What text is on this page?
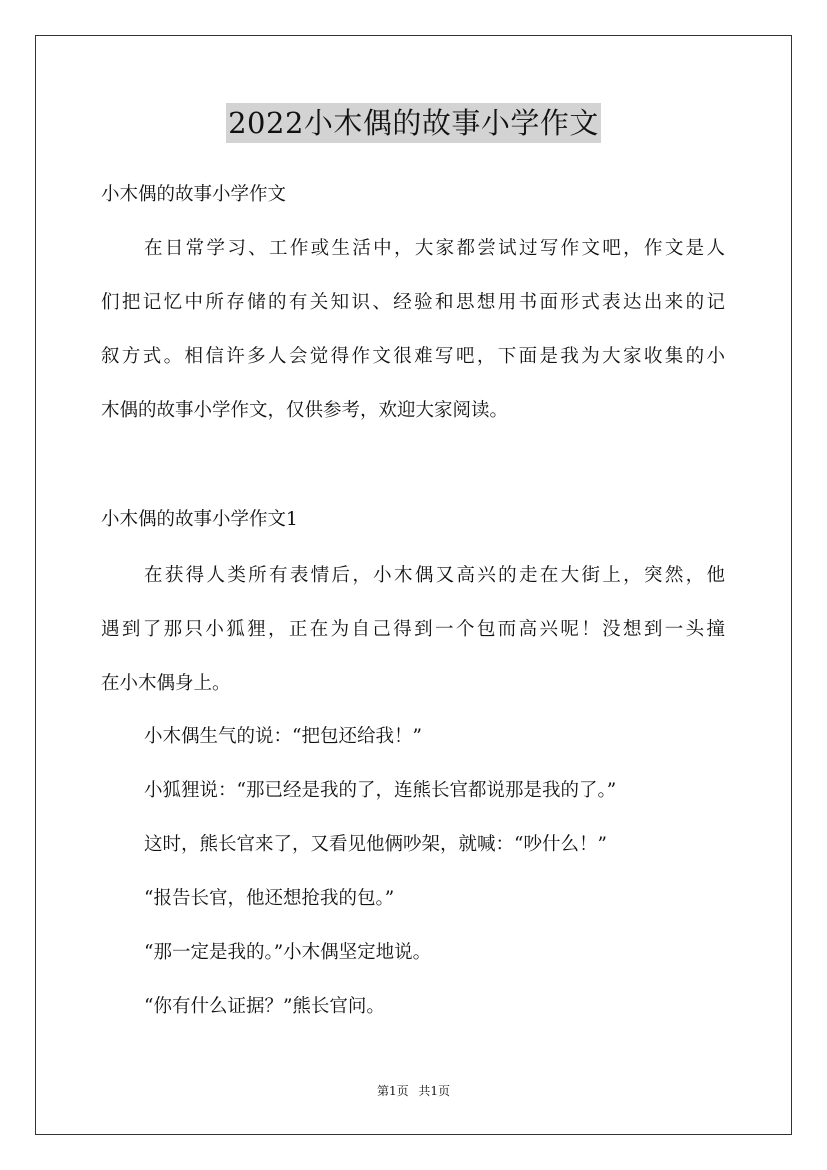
2022小木偶的故事小学作文
小木偶的故事小学作文
在日常学习、工作或生活中，大家都尝试过写作文吧，作文是人
们把记忆中所存储的有关知识、经验和思想用书面形式表达出来的记
叙方式。相信许多人会觉得作文很难写吧，下面是我为大家收集的小
木偶的故事小学作文，仅供参考，欢迎大家阅读。
小木偶的故事小学作文1
在获得人类所有表情后，小木偶又高兴的走在大街上，突然，他
遇到了那只小狐狸，正在为自己得到一个包而高兴呢！没想到一头撞
在小木偶身上。
小木偶生气的说：“把包还给我！”
小狐狸说：“那已经是我的了，连熊长官都说那是我的了。”
这时，熊长官来了，又看见他俩吵架，就喊：“吵什么！”
“报告长官，他还想抢我的包。”
“那一定是我的。”小木偶坚定地说。
“你有什么证据？”熊长官问。
第1页 共1页
